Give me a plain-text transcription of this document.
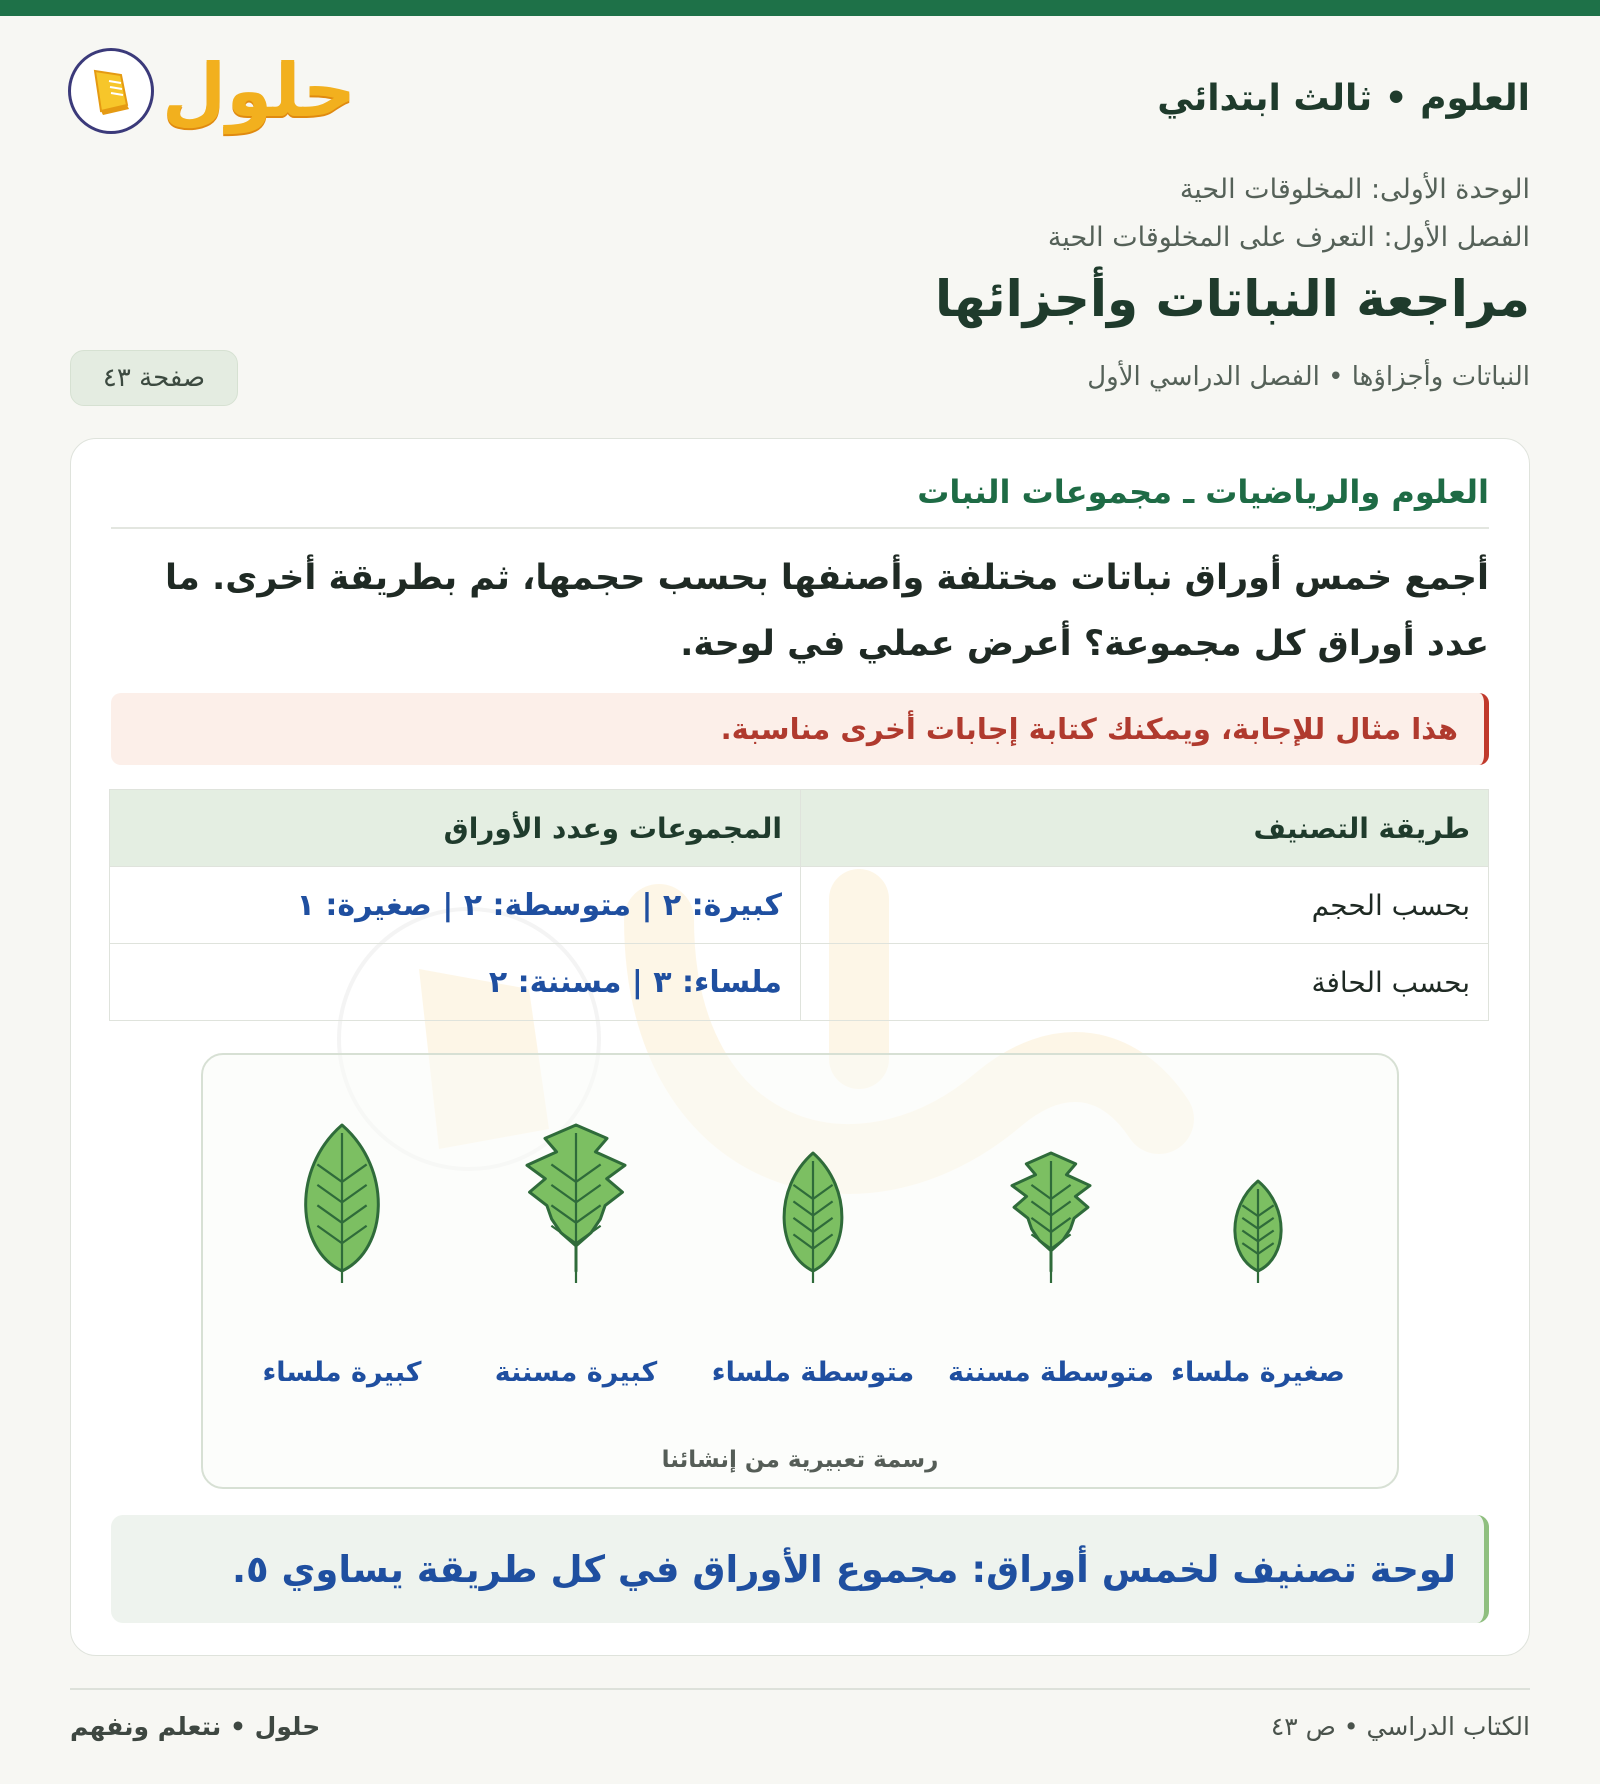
العلوم • ثالث ابتدائي
حلول
الوحدة الأولى: المخلوقات الحية
الفصل الأول: التعرف على المخلوقات الحية
مراجعة النباتات وأجزائها
النباتات وأجزاؤها • الفصل الدراسي الأول
صفحة ٤٣
العلوم والرياضيات ـ مجموعات النبات
أجمع خمس أوراق نباتات مختلفة وأصنفها بحسب حجمها، ثم بطريقة أخرى. ما عدد أوراق كل مجموعة؟ أعرض عملي في لوحة.
هذا مثال للإجابة، ويمكنك كتابة إجابات أخرى مناسبة.
طريقة التصنيف	المجموعات وعدد الأوراق
بحسب الحجم	كبيرة: ٢ | متوسطة: ٢ | صغيرة: ١
بحسب الحافة	ملساء: ٣ | مسننة: ٢
صغيرة ملساء
متوسطة مسننة
متوسطة ملساء
كبيرة مسننة
كبيرة ملساء
رسمة تعبيرية من إنشائنا
لوحة تصنيف لخمس أوراق: مجموع الأوراق في كل طريقة يساوي ٥.
الكتاب الدراسي • ص ٤٣
حلول • نتعلم ونفهم
